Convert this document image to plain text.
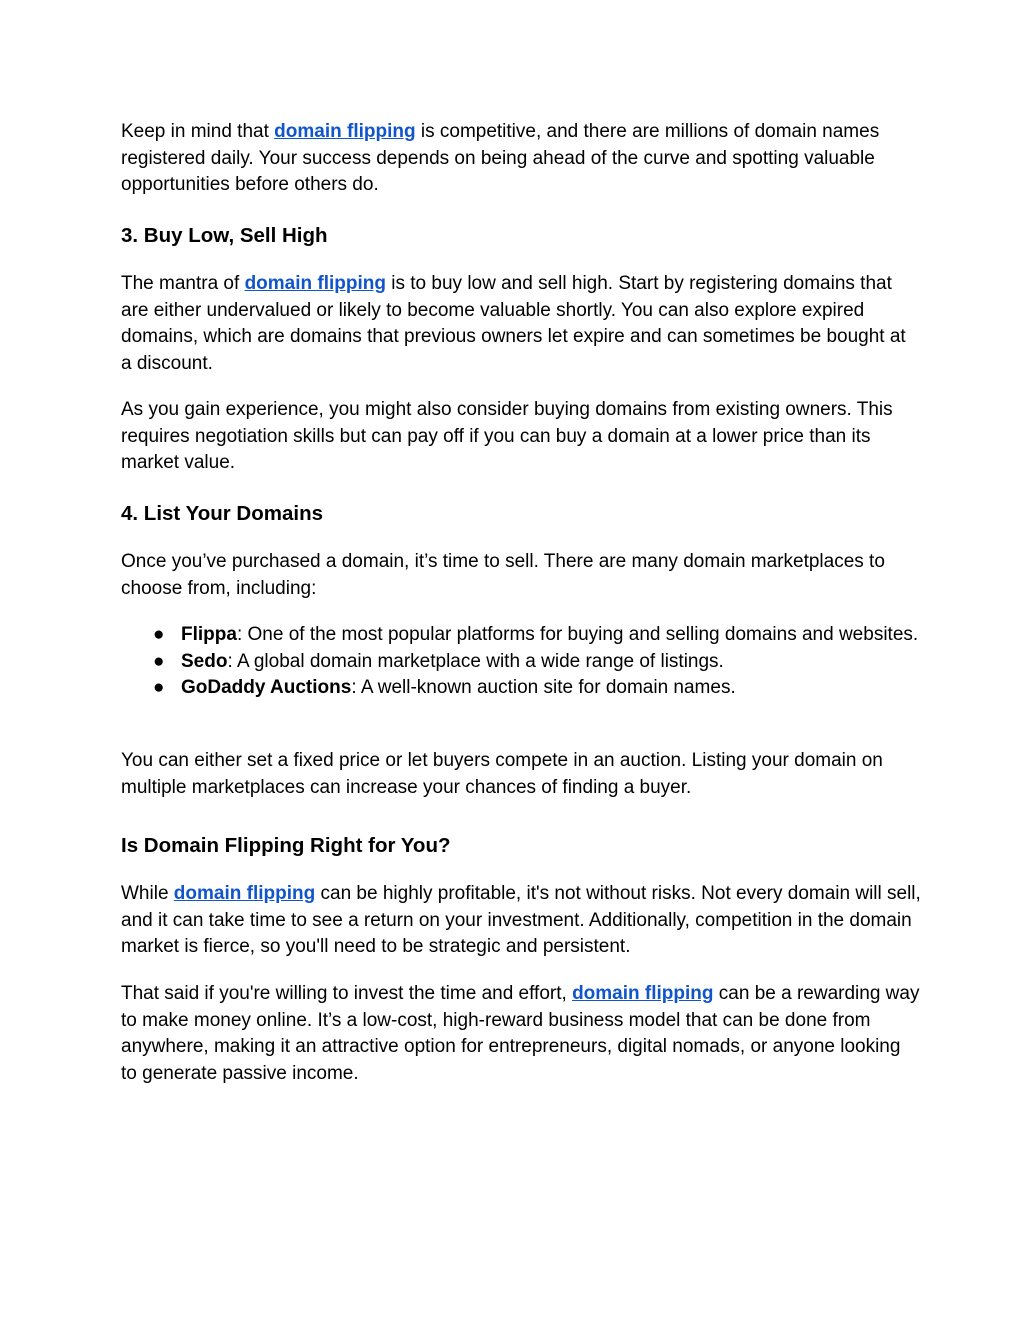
Keep in mind that domain flipping is competitive, and there are millions of domain names registered daily. Your success depends on being ahead of the curve and spotting valuable opportunities before others do.

3. Buy Low, Sell High

The mantra of domain flipping is to buy low and sell high. Start by registering domains that are either undervalued or likely to become valuable shortly. You can also explore expired domains, which are domains that previous owners let expire and can sometimes be bought at a discount.

As you gain experience, you might also consider buying domains from existing owners. This requires negotiation skills but can pay off if you can buy a domain at a lower price than its market value.

4. List Your Domains

Once you’ve purchased a domain, it’s time to sell. There are many domain marketplaces to choose from, including:

● Flippa: One of the most popular platforms for buying and selling domains and websites.
● Sedo: A global domain marketplace with a wide range of listings.
● GoDaddy Auctions: A well-known auction site for domain names.

You can either set a fixed price or let buyers compete in an auction. Listing your domain on multiple marketplaces can increase your chances of finding a buyer.

Is Domain Flipping Right for You?

While domain flipping can be highly profitable, it's not without risks. Not every domain will sell, and it can take time to see a return on your investment. Additionally, competition in the domain market is fierce, so you'll need to be strategic and persistent.

That said if you're willing to invest the time and effort, domain flipping can be a rewarding way to make money online. It’s a low-cost, high-reward business model that can be done from anywhere, making it an attractive option for entrepreneurs, digital nomads, or anyone looking to generate passive income.
